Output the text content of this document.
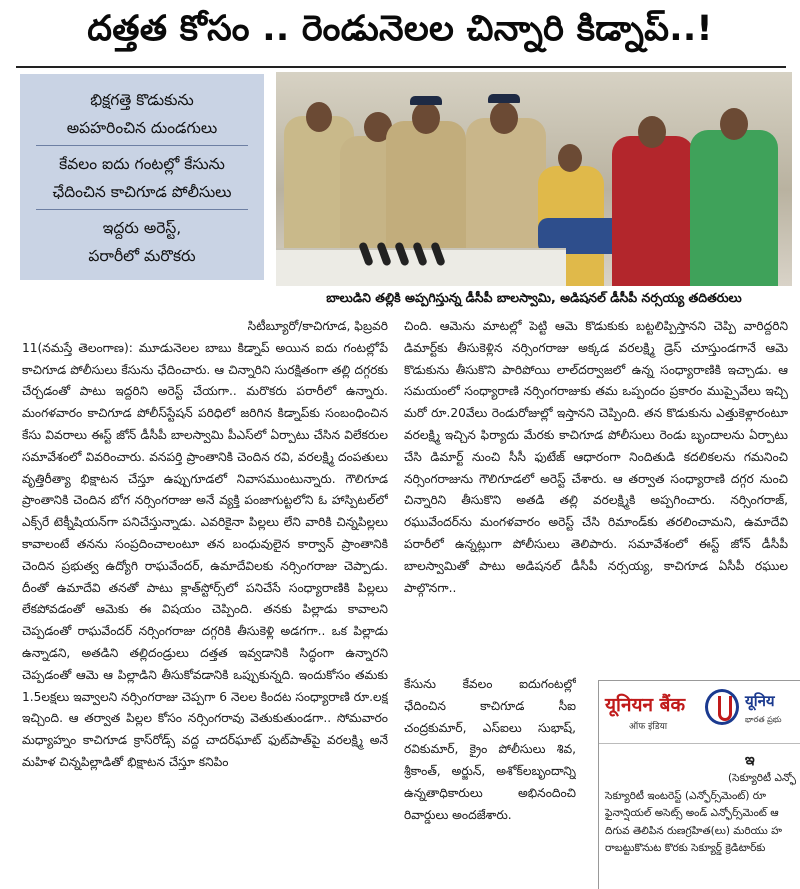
దత్తత కోసం .. రెండునెలల చిన్నారి కిడ్నాప్..!
భిక్షగత్తె కొడుకును
అపహరించిన దుండగులు
కేవలం ఐదు గంటల్లో కేసును
ఛేదించిన కాచిగూడ పోలీసులు
ఇద్దరు అరెస్ట్,
పరారీలో మరొకరు
బాలుడిని తల్లికి అప్పగిస్తున్న డీసీపీ బాలస్వామి, అడిషనల్ డీసీపీ నర్సయ్య తదితరులు

సిటీబ్యూరో/కాచిగూడ, ఫిబ్రవరి

11(నమస్తే తెలంగాణ): మూడునెలల బాబు కిడ్నాప్ అయిన ఐదు గంటల్లోపే కాచిగూడ పోలీసులు కేసును ఛేదించారు. ఆ చిన్నారిని సురక్షితంగా తల్లి దగ్గరకు చేర్చడంతో పాటు ఇద్దరిని అరెస్ట్ చేయగా.. మరొకరు పరారీలో ఉన్నారు. మంగళవారం కాచిగూడ పోలీస్‌స్టేషన్ పరిధిలో జరిగిన కిడ్నాప్‌కు సంబంధించిన కేసు వివరాలు ఈస్ట్ జోన్ డీసీపీ బాలస్వామి పీఎస్‌లో ఏర్పాటు చేసిన విలేకరుల సమావేశంలో వివరించారు. వనపర్తి ప్రాంతానికి చెందిన రవి, వరలక్ష్మి దంపతులు వృత్తిరీత్యా భిక్షాటన చేస్తూ ఉప్పుగూడలో నివాసముంటున్నారు. గౌలిగూడ ప్రాంతానికి చెందిన బోగ నర్సింగరాజు అనే వ్యక్తి పంజాగుట్టలోని ఓ హాస్పిటల్‌లో ఎక్స్‌రే టెక్నీషియన్‌గా పనిచేస్తున్నాడు. ఎవరికైనా పిల్లలు లేని వారికి చిన్నపిల్లలు కావాలంటే తనను సంప్రదించాలంటూ తన బంధువులైన కార్వాన్ ప్రాంతానికి చెందిన ప్రభుత్వ ఉద్యోగి రాఘవేందర్, ఉమాదేవిలకు నర్సింగరాజు చెప్పాడు. దీంతో ఉమాదేవి తనతో పాటు క్లాత్‌స్టోర్స్‌లో పనిచేసే సంధ్యారాణికి పిల్లలు లేకపోవడంతో ఆమెకు ఈ విషయం చెప్పింది. తనకు పిల్లాడు కావాలని చెప్పడంతో రాఘవేందర్ నర్సింగరాజు దగ్గరికి తీసుకెళ్లి అడగగా.. ఒక పిల్లాడు ఉన్నాడని, అతడిని తల్లిదండ్రులు దత్తత ఇవ్వడానికి సిద్ధంగా ఉన్నారని చెప్పడంతో ఆమె ఆ పిల్లాడిని తీసుకోవడానికి ఒప్పుకున్నది. ఇందుకోసం తమకు 1.5లక్షలు ఇవ్వాలని నర్సింగరాజు చెప్పగా 6 నెలల కిందట సంధ్యారాణి రూ.లక్ష ఇచ్చింది. ఆ తర్వాత పిల్లల కోసం నర్సింగరావు వెతుకుతుండగా.. సోమవారం మధ్యాహ్నం కాచిగూడ క్రాస్‌రోడ్స్ వద్ద చాదర్‌ఘాట్ ఫుట్‌పాత్‌పై వరలక్ష్మి అనే మహిళ చిన్నపిల్లాడితో భిక్షాటన చేస్తూ కనిపిం

చింది. ఆమెను మాటల్లో పెట్టి ఆమె కొడుకుకు బట్టలిప్పిస్తానని చెప్పి వారిద్దరిని డిమార్ట్‌కు తీసుకెళ్లిన నర్సింగరాజు అక్కడ వరలక్ష్మి డ్రెస్ చూస్తుండగానే ఆమె కొడుకును తీసుకొని పారిపోయి లాల్‌దర్వాజలో ఉన్న సంధ్యారాణికి ఇచ్చాడు. ఆ సమయంలో సంధ్యారాణి నర్సింగరాజుకు తమ ఒప్పందం ప్రకారం ముప్పైవేలు ఇచ్చి మరో రూ.20వేలు రెండురోజుల్లో ఇస్తానని చెప్పింది. తన కొడుకును ఎత్తుకెళ్లారంటూ వరలక్ష్మి ఇచ్చిన ఫిర్యాదు మేరకు కాచిగూడ పోలీసులు రెండు బృందాలను ఏర్పాటు చేసి డిమార్ట్ నుంచి సీసీ ఫుటేజ్ ఆధారంగా నిందితుడి కదలికలను గమనించి నర్సింగరాజును గౌలిగూడలో అరెస్ట్ చేశారు. ఆ తర్వాత సంధ్యారాణి దగ్గర నుంచి చిన్నారిని తీసుకొని అతడి తల్లి వరలక్ష్మికి అప్పగించారు. నర్సింగరాజ్, రఘువేందర్‌ను మంగళవారం అరెస్ట్ చేసి రిమాండ్‌కు తరలించామని, ఉమాదేవి పరారీలో ఉన్నట్లుగా పోలీసులు తెలిపారు. సమావేశంలో ఈస్ట్ జోన్ డీసీపీ బాలస్వామితో పాటు అడిషనల్ డీసీపీ నర్సయ్య, కాచిగూడ ఏసీపీ రఘుల పాల్గొనగా..

కేసును కేవలం ఐదుగంటల్లో ఛేదించిన కాచిగూడ సీఐ చంద్రకుమార్, ఎస్ఐలు సుభాష్, రవికుమార్, క్రైం పోలీసులు శివ, శ్రీకాంత్, అర్జున్, అశోక్‌లబృందాన్ని ఉన్నతాధికారులు అభినందించి రివార్డులు అందజేశారు.

यूनियन बैंक
ऑफ इंडिया
यूनिय
భారత ప్రభు
ఇ
(సెక్యూరిటీ ఎన్ఫో
సెక్యూరిటీ ఇంటరెస్ట్ (ఎన్ఫోర్స్‌మెంట్) రూ
ఫైనాన్షియల్ అసెట్స్ అండ్ ఎన్ఫోర్స్‌మెంట్ ఆ
దిగువ తెలిపిన రుణగ్రహిత(లు) మరియు హ
రాబట్టుకొనుట కొరకు సెక్యూర్డ్ క్రెడిటార్‌కు
